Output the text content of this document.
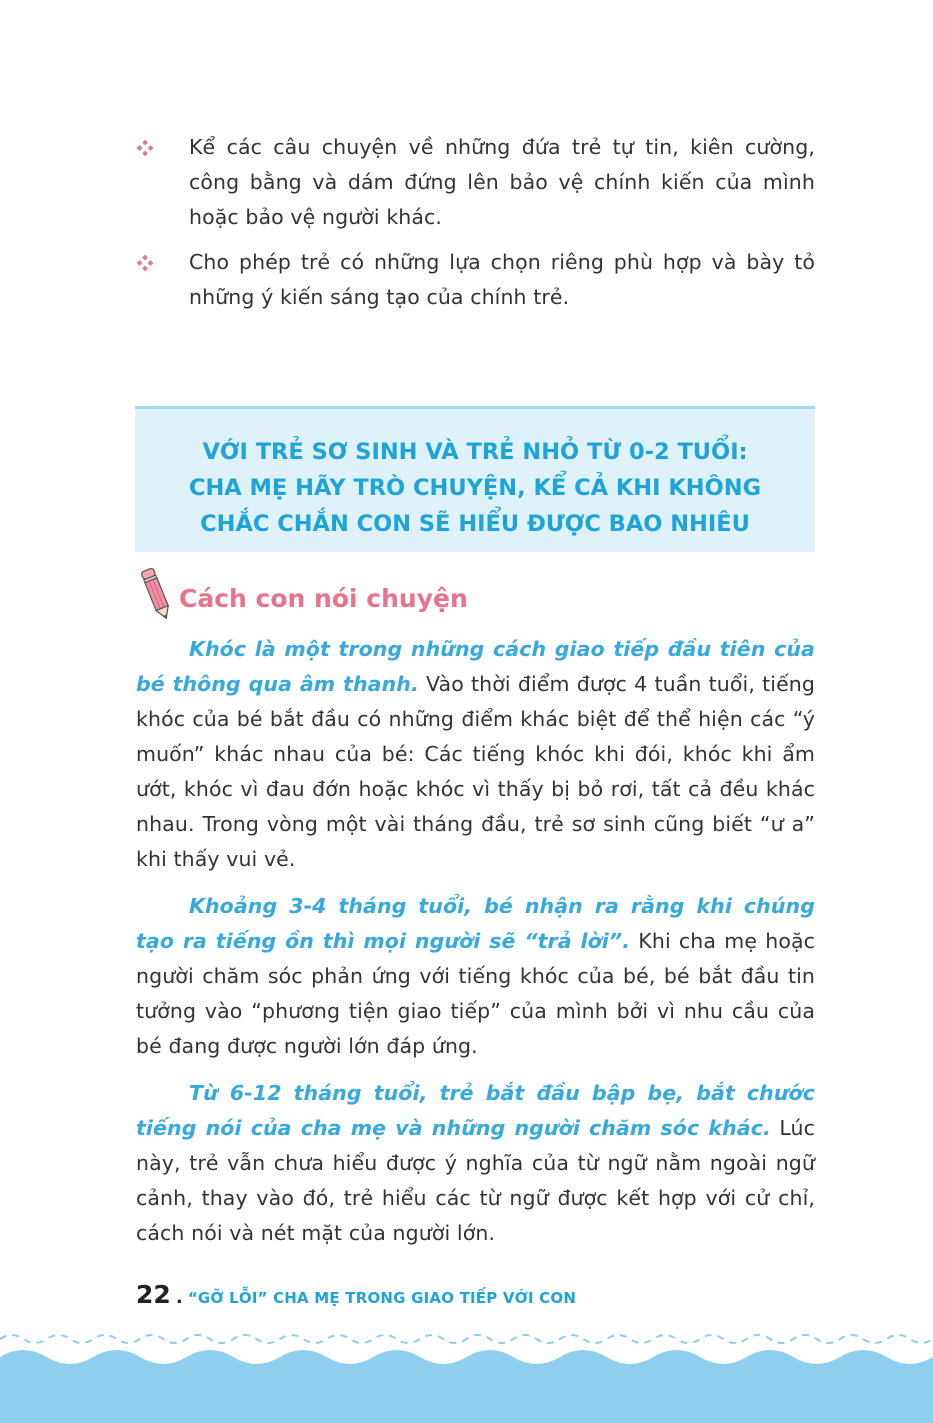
Kể các câu chuyện về những đứa trẻ tự tin, kiên cường, công bằng và dám đứng lên bảo vệ chính kiến của mình hoặc bảo vệ người khác.
Cho phép trẻ có những lựa chọn riêng phù hợp và bày tỏ những ý kiến sáng tạo của chính trẻ.
VỚI TRẺ SƠ SINH VÀ TRẺ NHỎ TỪ 0-2 TUỔI:
CHA MẸ HÃY TRÒ CHUYỆN, KỂ CẢ KHI KHÔNG
CHẮC CHẮN CON SẼ HIỂU ĐƯỢC BAO NHIÊU
Cách con nói chuyện

Khóc là một trong những cách giao tiếp đầu tiên của bé thông qua âm thanh. Vào thời điểm được 4 tuần tuổi, tiếng khóc của bé bắt đầu có những điểm khác biệt để thể hiện các “ý muốn” khác nhau của bé: Các tiếng khóc khi đói, khóc khi ẩm ướt, khóc vì đau đớn hoặc khóc vì thấy bị bỏ rơi, tất cả đều khác nhau. Trong vòng một vài tháng đầu, trẻ sơ sinh cũng biết “ư a” khi thấy vui vẻ.

Khoảng 3-4 tháng tuổi, bé nhận ra rằng khi chúng tạo ra tiếng ồn thì mọi người sẽ “trả lời”. Khi cha mẹ hoặc người chăm sóc phản ứng với tiếng khóc của bé, bé bắt đầu tin tưởng vào “phương tiện giao tiếp” của mình bởi vì nhu cầu của bé đang được người lớn đáp ứng.

Từ 6-12 tháng tuổi, trẻ bắt đầu bập bẹ, bắt chước tiếng nói của cha mẹ và những người chăm sóc khác. Lúc này, trẻ vẫn chưa hiểu được ý nghĩa của từ ngữ nằm ngoài ngữ cảnh, thay vào đó, trẻ hiểu các từ ngữ được kết hợp với cử chỉ, cách nói và nét mặt của người lớn.

22 . “GỠ LỖI” CHA MẸ TRONG GIAO TIẾP VỚI CON
